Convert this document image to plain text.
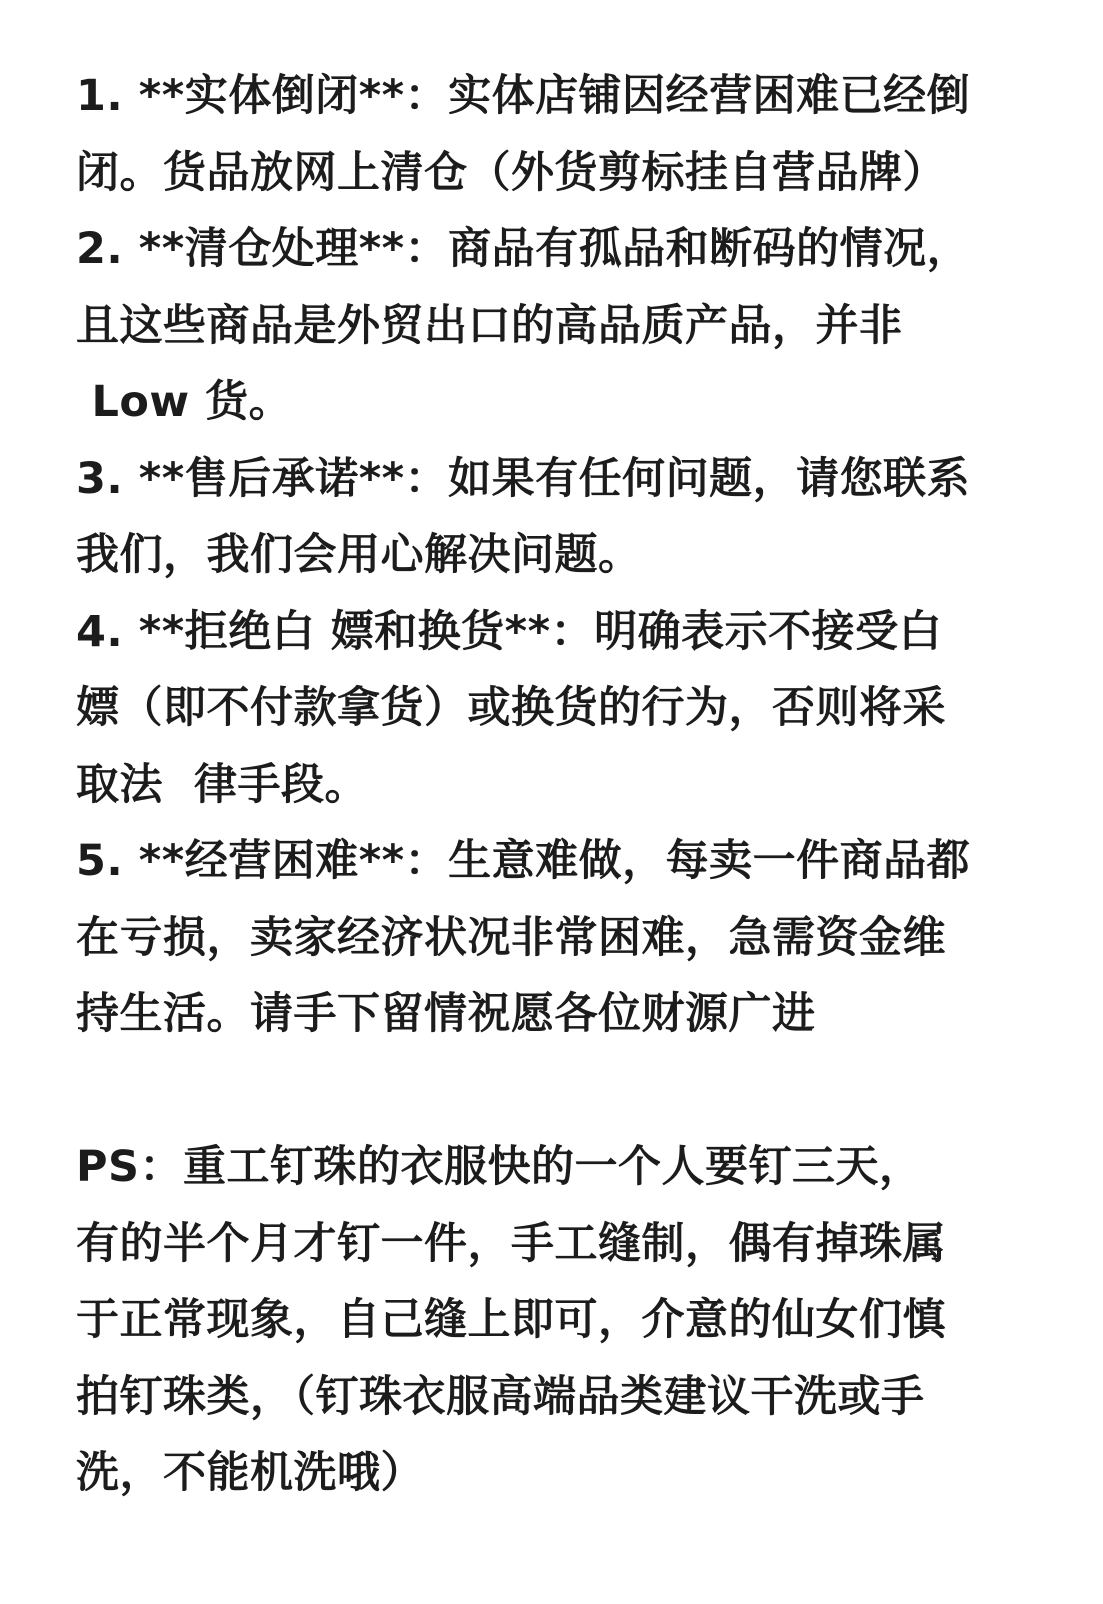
1. **实体倒闭**：实体店铺因经营困难已经倒
闭。货品放网上清仓（外货剪标挂自营品牌）
2. **清仓处理**：商品有孤品和断码的情况，
且这些商品是外贸出口的高品质产品，并非
Low 货。
3. **售后承诺**：如果有任何问题，请您联系
我们，我们会用心解决问题。
4. **拒绝白 嫖和换货**：明确表示不接受白
嫖（即不付款拿货）或换货的行为，否则将采
取法  律手段。
5. **经营困难**：生意难做，每卖一件商品都
在亏损，卖家经济状况非常困难，急需资金维
持生活。请手下留情祝愿各位财源广进
PS：重工钉珠的衣服快的一个人要钉三天，
有的半个月才钉一件，手工缝制，偶有掉珠属
于正常现象，自己缝上即可，介意的仙女们慎
拍钉珠类，（钉珠衣服高端品类建议干洗或手
洗，不能机洗哦）
